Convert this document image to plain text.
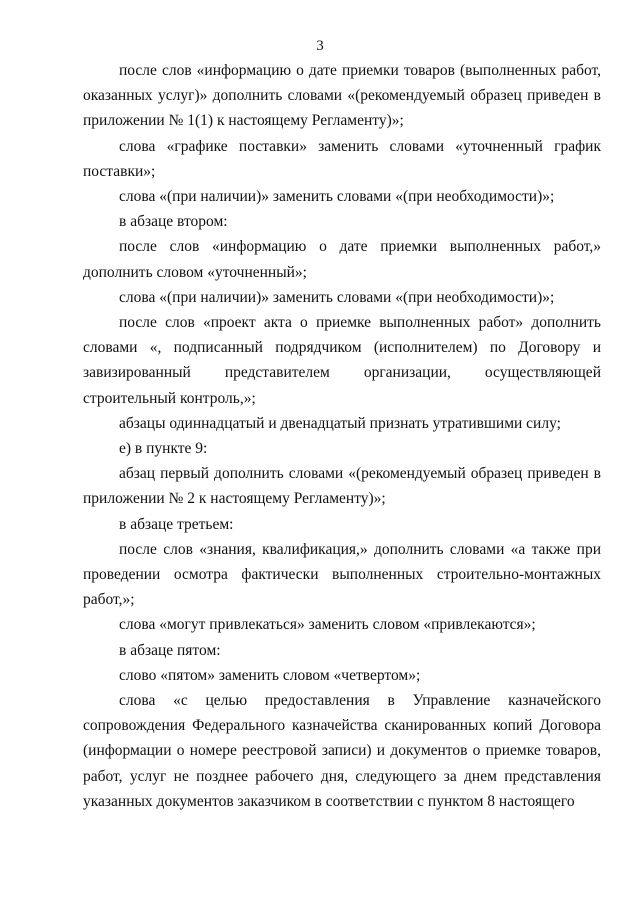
3

после слов «информацию о дате приемки товаров (выполненных работ, оказанных услуг)» дополнить словами «(рекомендуемый образец приведен в приложении № 1(1) к настоящему Регламенту)»;

слова «графике поставки» заменить словами «уточненный график поставки»;

слова «(при наличии)» заменить словами «(при необходимости)»;

в абзаце втором:

после слов «информацию о дате приемки выполненных работ,» дополнить словом «уточненный»;

слова «(при наличии)» заменить словами «(при необходимости)»;

после слов «проект акта о приемке выполненных работ» дополнить словами «, подписанный подрядчиком (исполнителем) по Договору и завизированный представителем организации, осуществляющей строительный контроль,»;

абзацы одиннадцатый и двенадцатый признать утратившими силу;

е) в пункте 9:

абзац первый дополнить словами «(рекомендуемый образец приведен в приложении № 2 к настоящему Регламенту)»;

в абзаце третьем:

после слов «знания, квалификация,» дополнить словами «а также при проведении осмотра фактически выполненных строительно-монтажных работ,»;

слова «могут привлекаться» заменить словом «привлекаются»;

в абзаце пятом:

слово «пятом» заменить словом «четвертом»;

слова «с целью предоставления в Управление казначейского сопровождения Федерального казначейства сканированных копий Договора (информации о номере реестровой записи) и документов о приемке товаров, работ, услуг не позднее рабочего дня, следующего за днем представления указанных документов заказчиком в соответствии с пунктом 8 настоящего
